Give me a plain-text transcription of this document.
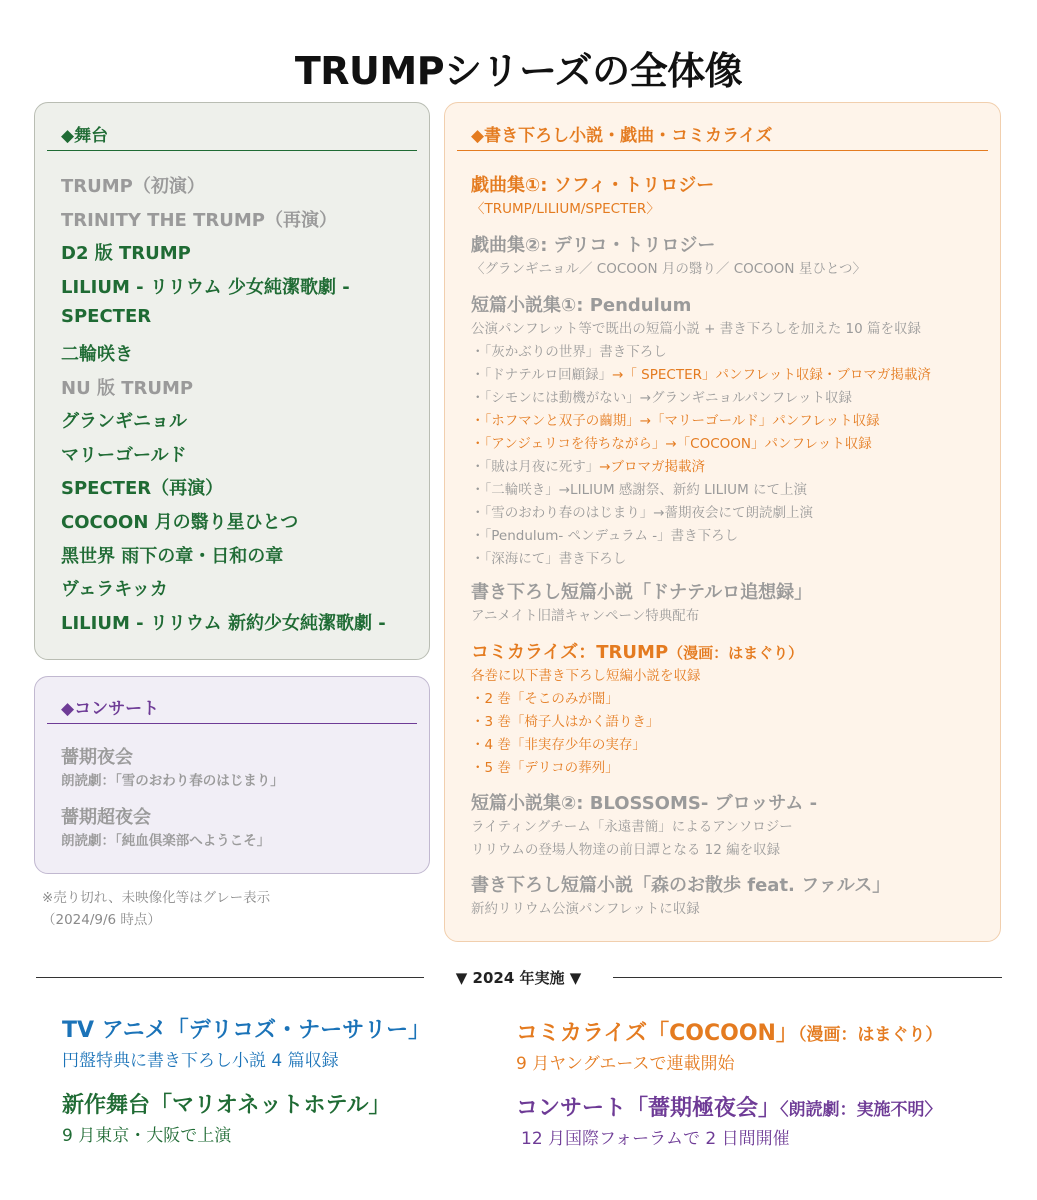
TRUMPシリーズの全体像
◆舞台
TRUMP（初演）
TRINITY THE TRUMP（再演）
D2 版 TRUMP
LILIUM - リリウム 少女純潔歌劇 -
SPECTER
二輪咲き
NU 版 TRUMP
グランギニョル
マリーゴールド
SPECTER（再演）
COCOON 月の翳り星ひとつ
黑世界 雨下の章・日和の章
ヴェラキッカ
LILIUM - リリウム 新約少女純潔歌劇 -
◆コンサート
薔期夜会
朗読劇：「雪のおわり春のはじまり」
薔期超夜会
朗読劇：「純血倶楽部へようこそ」
※売り切れ、未映像化等はグレー表示
（2024/9/6 時点）
◆書き下ろし小説・戯曲・コミカライズ
戯曲集①: ソフィ・トリロジー
〈TRUMP/LILIUM/SPECTER〉
戯曲集②: デリコ・トリロジー
〈グランギニョル／ COCOON 月の翳り／ COCOON 星ひとつ〉
短篇小説集①: Pendulum
公演パンフレット等で既出の短篇小説 + 書き下ろしを加えた 10 篇を収録
・「灰かぶりの世界」書き下ろし
・「ドナテルロ回顧録」→「 SPECTER」パンフレット収録・ブロマガ掲載済
・「シモンには動機がない」→グランギニョルパンフレット収録
・「ホフマンと双子の繭期」→「マリーゴールド」パンフレット収録
・「アンジェリコを待ちながら」→「COCOON」パンフレット収録
・「賊は月夜に死す」→ブロマガ掲載済
・「二輪咲き」→LILIUM 感謝祭、新約 LILIUM にて上演
・「雪のおわり春のはじまり」→薔期夜会にて朗読劇上演
・「Pendulum- ペンデュラム -」書き下ろし
・「深海にて」書き下ろし
書き下ろし短篇小説「ドナテルロ追想録」
アニメイト旧譜キャンペーン特典配布
コミカライズ：TRUMP（漫画：はまぐり）
各巻に以下書き下ろし短編小説を収録
・2 巻「そこのみが闇」
・3 巻「椅子人はかく語りき」
・4 巻「非実存少年の実存」
・5 巻「デリコの葬列」
短篇小説集②: BLOSSOMS- ブロッサム -
ライティングチーム「永遠書簡」によるアンソロジー
リリウムの登場人物達の前日譚となる 12 編を収録
書き下ろし短篇小説「森のお散歩 feat. ファルス」
新約リリウム公演パンフレットに収録
▼ 2024 年実施 ▼
TV アニメ「デリコズ・ナーサリー」
円盤特典に書き下ろし小説 4 篇収録
コミカライズ「COCOON」（漫画：はまぐり）
9 月ヤングエースで連載開始
新作舞台「マリオネットホテル」
9 月東京・大阪で上演
コンサート「薔期極夜会」〈朗読劇：実施不明〉
12 月国際フォーラムで 2 日間開催
